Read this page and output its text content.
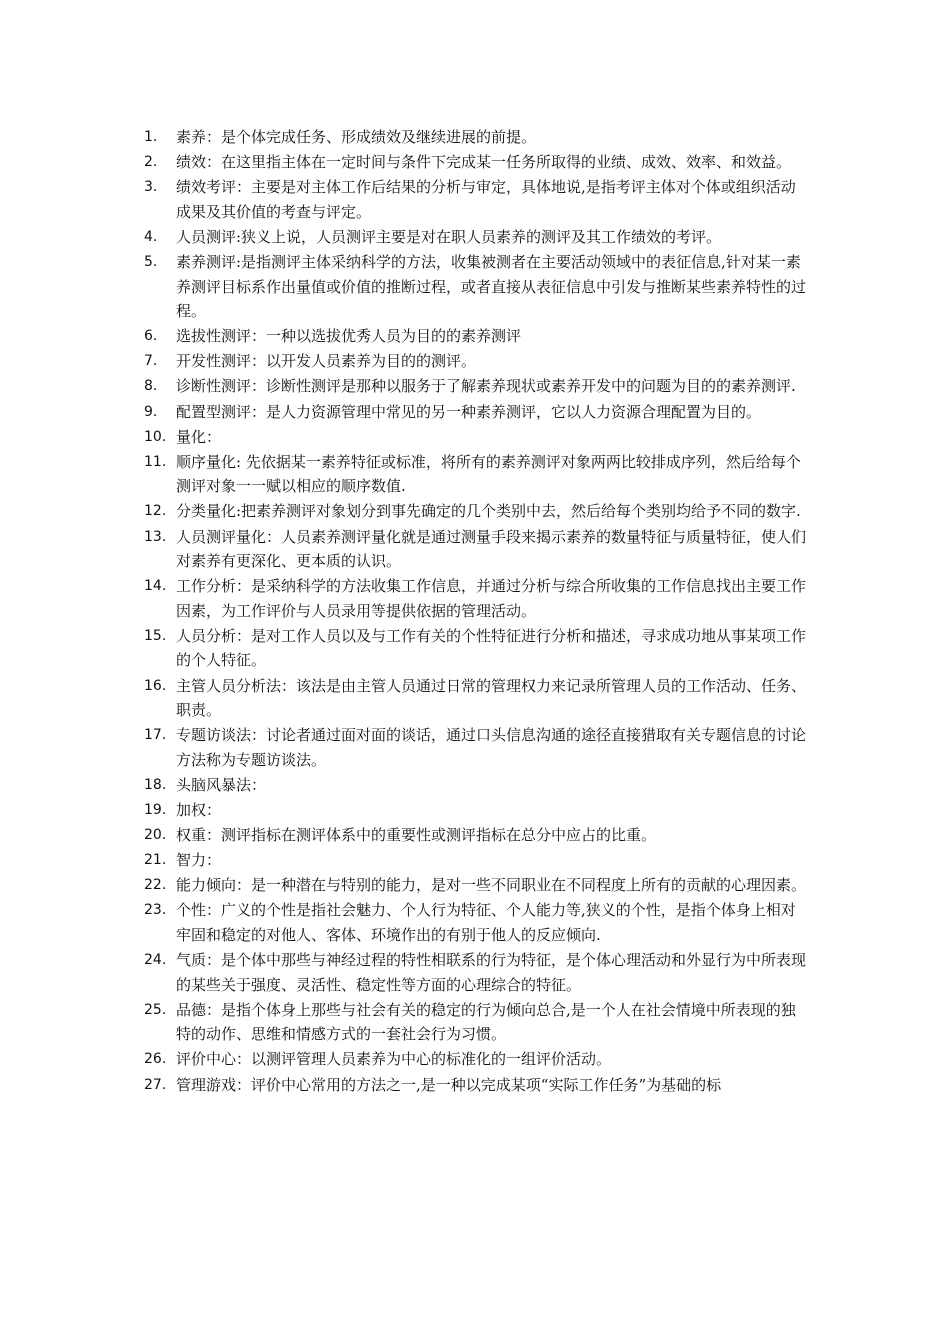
1.	素养：是个体完成任务、形成绩效及继续进展的前提。
2.	绩效：在这里指主体在一定时间与条件下完成某一任务所取得的业绩、成效、效率、和效益。
3.	绩效考评：主要是对主体工作后结果的分析与审定，具体地说,是指考评主体对个体或组织活动成果及其价值的考查与评定。
4.	人员测评:狭义上说，人员测评主要是对在职人员素养的测评及其工作绩效的考评。
5.	素养测评:是指测评主体采纳科学的方法，收集被测者在主要活动领域中的表征信息,针对某一素养测评目标系作出量值或价值的推断过程，或者直接从表征信息中引发与推断某些素养特性的过程。
6.	选拔性测评：一种以选拔优秀人员为目的的素养测评
7.	开发性测评：以开发人员素养为目的的测评。
8.	诊断性测评：诊断性测评是那种以服务于了解素养现状或素养开发中的问题为目的的素养测评.
9.	配置型测评：是人力资源管理中常见的另一种素养测评，它以人力资源合理配置为目的。
10. 量化：
11. 顺序量化: 先依据某一素养特征或标准，将所有的素养测评对象两两比较排成序列，然后给每个测评对象一一赋以相应的顺序数值.
12. 分类量化:把素养测评对象划分到事先确定的几个类别中去，然后给每个类别均给予不同的数字.
13. 人员测评量化：人员素养测评量化就是通过测量手段来揭示素养的数量特征与质量特征，使人们对素养有更深化、更本质的认识。
14. 工作分析：是采纳科学的方法收集工作信息，并通过分析与综合所收集的工作信息找出主要工作因素，为工作评价与人员录用等提供依据的管理活动。
15. 人员分析：是对工作人员以及与工作有关的个性特征进行分析和描述，寻求成功地从事某项工作的个人特征。
16. 主管人员分析法：该法是由主管人员通过日常的管理权力来记录所管理人员的工作活动、任务、职责。
17. 专题访谈法：讨论者通过面对面的谈话，通过口头信息沟通的途径直接猎取有关专题信息的讨论方法称为专题访谈法。
18. 头脑风暴法：
19. 加权：
20. 权重：测评指标在测评体系中的重要性或测评指标在总分中应占的比重。
21. 智力：
22. 能力倾向：是一种潜在与特别的能力，是对一些不同职业在不同程度上所有的贡献的心理因素。
23. 个性：广义的个性是指社会魅力、个人行为特征、个人能力等,狭义的个性，是指个体身上相对牢固和稳定的对他人、客体、环境作出的有别于他人的反应倾向.
24. 气质：是个体中那些与神经过程的特性相联系的行为特征，是个体心理活动和外显行为中所表现的某些关于强度、灵活性、稳定性等方面的心理综合的特征。
25. 品德：是指个体身上那些与社会有关的稳定的行为倾向总合,是一个人在社会情境中所表现的独特的动作、思维和情感方式的一套社会行为习惯。
26. 评价中心：以测评管理人员素养为中心的标准化的一组评价活动。
27. 管理游戏：评价中心常用的方法之一,是一种以完成某项“实际工作任务”为基础的标
